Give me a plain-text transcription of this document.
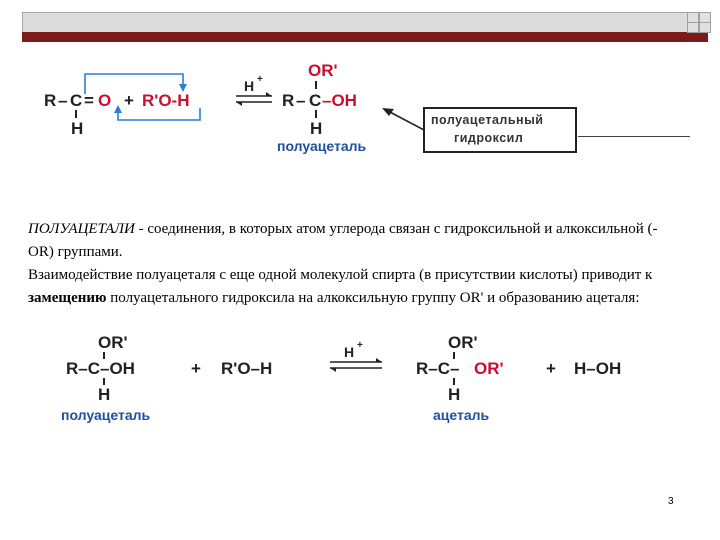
R – C = O
H
+ R'O-H
H +	OR'
R – C –OH
H
полуацеталь
полуацетальный
гидроксил

ПОЛУАЦЕТАЛИ - соединения, в которых атом углерода связан с гидроксильной и алкоксильной (-OR) группами.

Взаимодействие полуацеталя с еще одной молекулой спирта (в присутствии кислоты) приводит к замещению полуацетального гидроксила на алкоксильную группу OR' и образованию ацеталя:

OR'
R–C–OH
H
полуацеталь
+ R'O–H
H +	OR'
R–C– OR'
H
ацеталь
+ H–OH
3
